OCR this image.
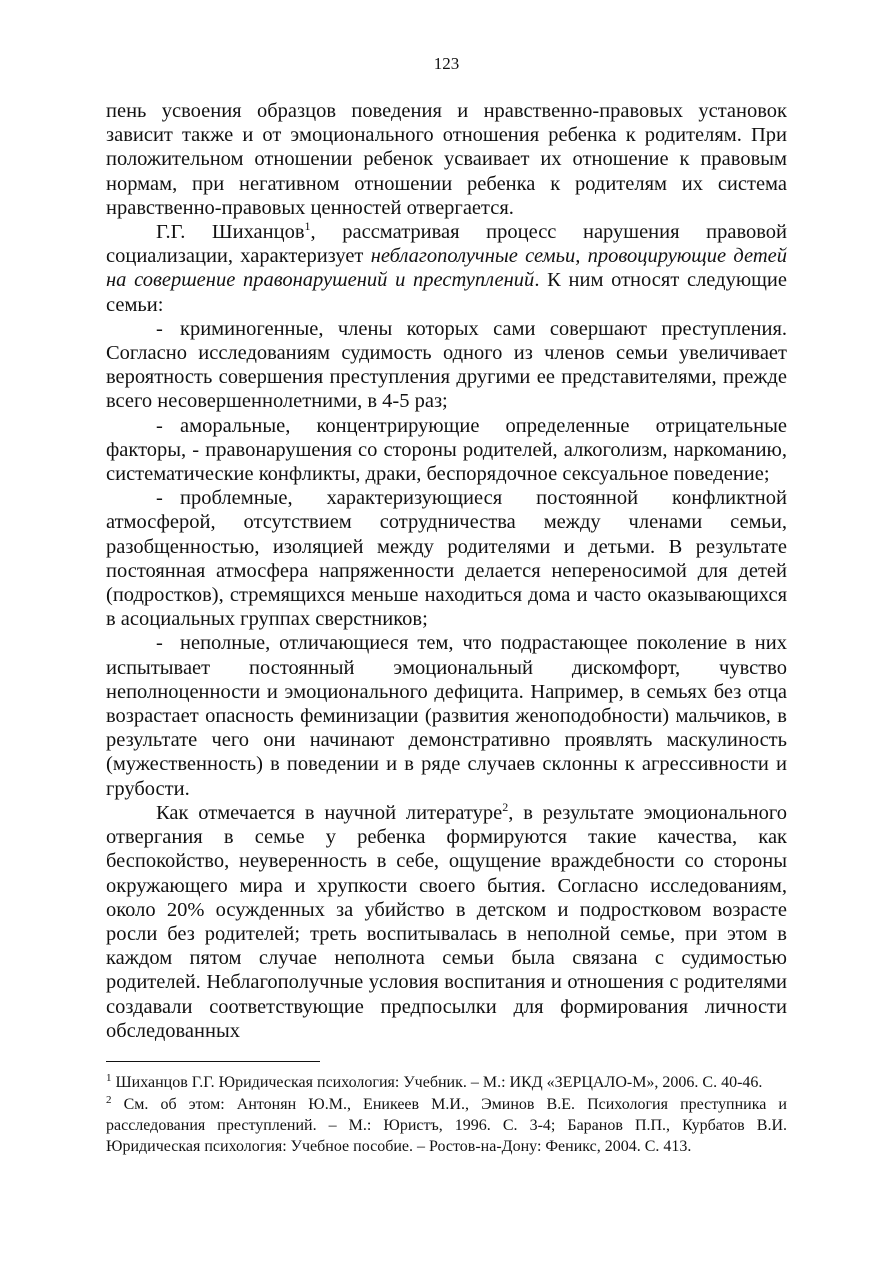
123

пень усвоения образцов поведения и нравственно-правовых установок зависит также и от эмоционального отношения ребенка к родителям. При положительном отношении ребенок усваивает их отношение к правовым нормам, при негативном отношении ребенка к родителям их система нравственно-правовых ценностей отвергается.

Г.Г. Шиханцов$^1$, рассматривая процесс нарушения правовой социализации, характеризует неблагополучные семьи, провоцирующие детей на совершение правонарушений и преступлений. К ним относят следующие семьи:

- криминогенные, члены которых сами совершают преступления. Согласно исследованиям судимость одного из членов семьи увеличивает вероятность совершения преступления другими ее представителями, прежде всего несовершеннолетними, в 4-5 раз;

- аморальные, концентрирующие определенные отрицательные факторы, - правонарушения со стороны родителей, алкоголизм, наркоманию, систематические конфликты, драки, беспорядочное сексуальное поведение;

- проблемные, характеризующиеся постоянной конфликтной атмосферой, отсутствием сотрудничества между членами семьи, разобщенностью, изоляцией между родителями и детьми. В результате постоянная атмосфера напряженности делается непереносимой для детей (подростков), стремящихся меньше находиться дома и часто оказывающихся в асоциальных группах сверстников;

- неполные, отличающиеся тем, что подрастающее поколение в них испытывает постоянный эмоциональный дискомфорт, чувство неполноценности и эмоционального дефицита. Например, в семьях без отца возрастает опасность феминизации (развития женоподобности) мальчиков, в результате чего они начинают демонстративно проявлять маскулиность (мужественность) в поведении и в ряде случаев склонны к агрессивности и грубости.

Как отмечается в научной литературе$^2$, в результате эмоционального отвергания в семье у ребенка формируются такие качества, как беспокойство, неуверенность в себе, ощущение враждебности со стороны окружающего мира и хрупкости своего бытия. Согласно исследованиям, около 20% осужденных за убийство в детском и подростковом возрасте росли без родителей; треть воспитывалась в неполной семье, при этом в каждом пятом случае неполнота семьи была связана с судимостью родителей. Неблагополучные условия воспитания и отношения с родителями создавали соответствующие предпосылки для формирования личности обследованных

$^1$ Шиханцов Г.Г. Юридическая психология: Учебник. – М.: ИКД «ЗЕРЦАЛО-М», 2006. С. 40-46.

$^2$ См. об этом: Антонян Ю.М., Еникеев М.И., Эминов В.Е. Психология преступника и расследования преступлений. – М.: Юристъ, 1996. С. 3-4; Баранов П.П., Курбатов В.И. Юридическая психология: Учебное пособие. – Ростов-на-Дону: Феникс, 2004. С. 413.
